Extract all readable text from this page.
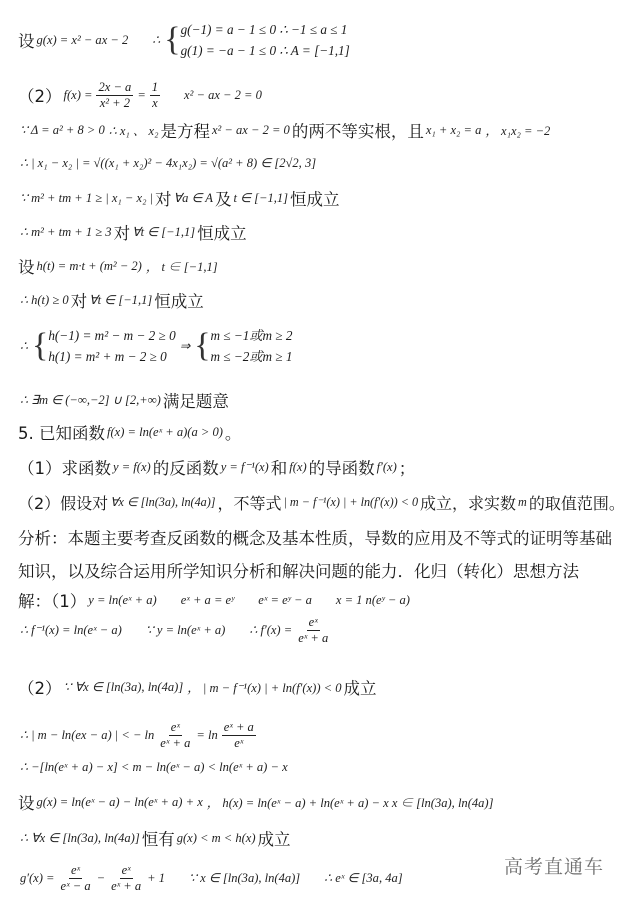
设 g(x) = x² − ax − 2 ∴ { g(−1) = a − 1 ≤ 0 ∴ −1 ≤ a ≤ 1
g(1) = −a − 1 ≤ 0 ∴ A = [−1,1]
（2） $f(x) = \frac{2x - a}{\text{x² + 2}} = \frac{1}{x} x^2$ − ax − 2 = 0
∵ Δ = a² + 8 > 0 ∴ x₁ 、 x₂ 是方程 x² − ax − 2 = 0 的两不等实根，且 x₁ + x₂ = a ， x₁x₂ = −2
∴ | x₁ − x₂ | = √((x₁ + x₂)² − 4x₁x₂) = √(a² + 8) ∈ [2√2, 3]
∵ m² + tm + 1 ≥ | x₁ − x₂ | 对 ∀a ∈ A 及 t ∈ [−1,1] 恒成立
∴ m² + tm + 1 ≥ 3 对 ∀t ∈ [−1,1] 恒成立
设 h(t) = m·t + (m² − 2) ， t ∈ [−1,1]
∴ h(t) ≥ 0 对 ∀t ∈ [−1,1] 恒成立
∴ { h(−1) = m² − m − 2 ≥ 0
h(1) = m² + m − 2 ≥ 0
⇒ { m ≤ −1或m ≥ 2
m ≤ −2或m ≥ 1
∴ ∃m ∈ (−∞,−2] ∪ [2,+∞) 满足题意
5. 已知函数 f(x) = ln(eˣ + a)(a > 0) 。
（1）求函数 y = f(x) 的反函数 y = f⁻¹(x) 和 f(x) 的导函数 f′(x) ；
（2）假设对 ∀x ∈ [ln(3a), ln(4a)] ，不等式 | m − f⁻¹(x) | + ln(f′(x)) < 0 成立，求实数 m 的取值范围。
分析：本题主要考查反函数的概念及基本性质，导数的应用及不等式的证明等基础
知识，以及综合运用所学知识分析和解决问题的能力．化归（转化）思想方法
解：（1） y = ln(eˣ + a) eˣ + a = eʸ eˣ = eʸ − a x = 1 n(eʸ − a)
∴ f⁻¹(x) = ln(eˣ − a) ∵ y = ln(eˣ + a) ∴ $f'(x) = \frac{\text{eˣ}}{\text{eˣ + a}}$
（2） ∵ ∀x ∈ [ln(3a), ln(4a)] ， | m − f⁻¹(x) | + ln(f′(x)) < 0 成立
∴ | m − ln(ex − a) | < − $\ln \frac{\text{eˣ}}{\text{eˣ + a}} = \ln \frac{\text{eˣ + a}}{\text{eˣ}}$
∴ −[ln(eˣ + a) − x] < m − ln(eˣ − a) < ln(eˣ + a) − x
设 g(x) = ln(eˣ − a) − ln(eˣ + a) + x ， h(x) = ln(eˣ − a) + ln(eˣ + a) − x x ∈ [ln(3a), ln(4a)]
∴ ∀x ∈ [ln(3a), ln(4a)] 恒有 g(x) < m < h(x) 成立
$g'(x) = \frac{\text{eˣ}}{\text{eˣ − a}} - \frac{\text{eˣ}}{\text{eˣ + a}} + 1$ ∵ x ∈ [ln(3a), ln(4a)] ∴ eˣ ∈ [3a, 4a]	高考直通车
